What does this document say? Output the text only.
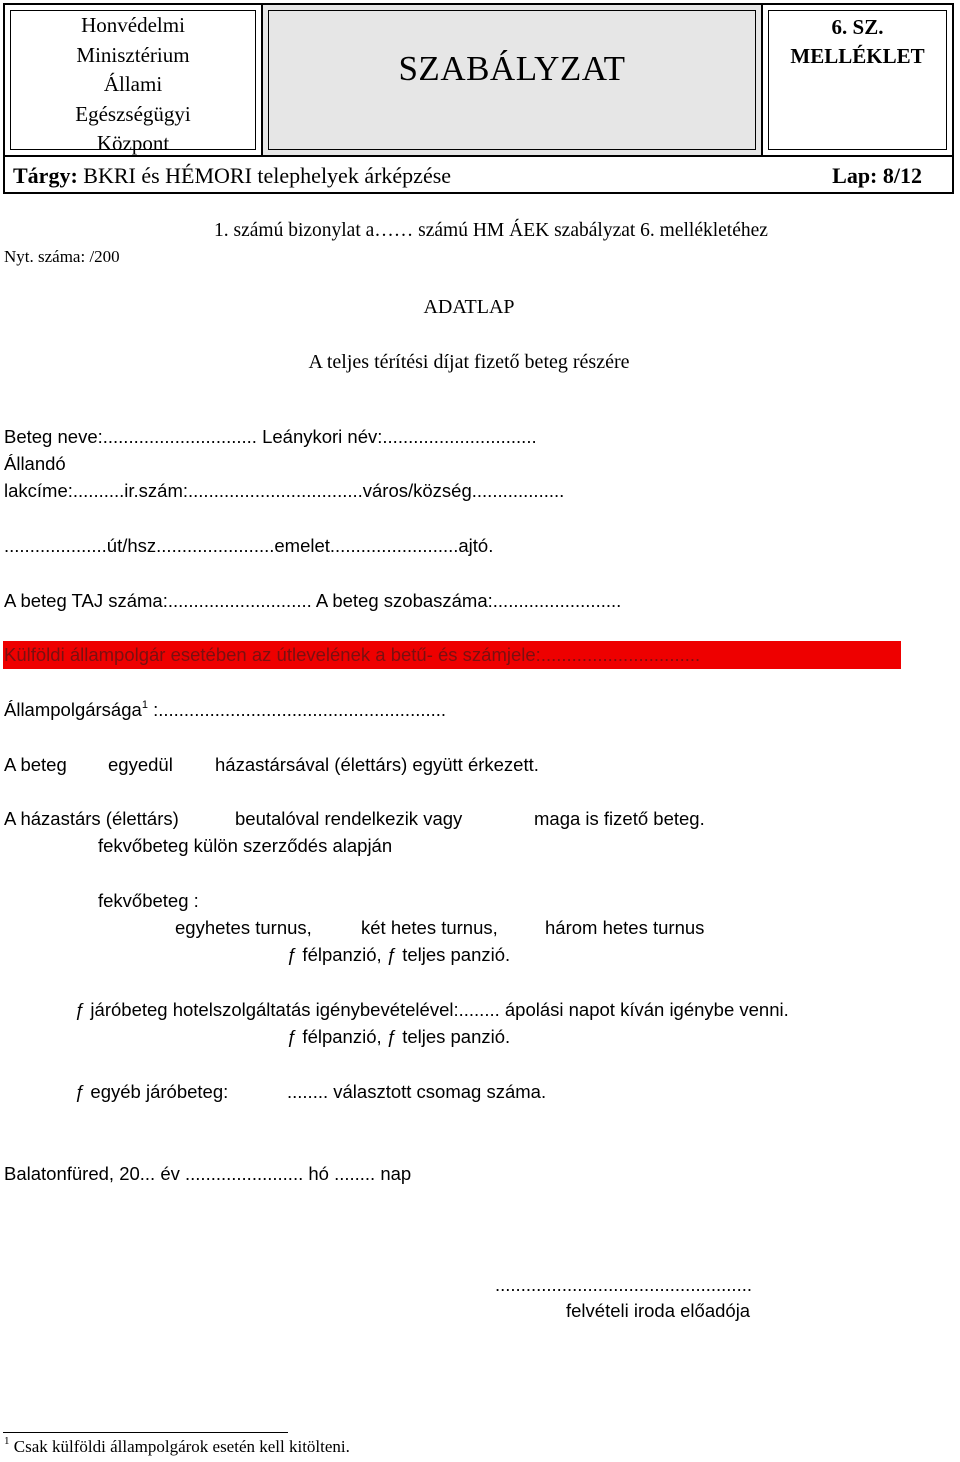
Honvédelmi
Minisztérium
Állami
Egészségügyi
Központ
SZABÁLYZAT
6. SZ.
MELLÉKLET
Tárgy: BKRI és HÉMORI telephelyek árképzése	Lap: 8/12
Nyt. száma: /200
1. számú bizonylat a…… számú HM ÁEK szabályzat 6. mellékletéhez
ADATLAP
A teljes térítési díjat fizető beteg részére
Beteg neve:.............................. Leánykori név:..............................
Állandó
lakcíme:..........ir.szám:..................................város/község..................
....................út/hsz.......................emelet.........................ajtó.
A beteg TAJ száma:............................ A beteg szobaszáma:.........................
Külföldi állampolgár esetében az útlevelének a betű- és számjele:...............................
Állampolgársága$^1$ :........................................................
A beteg egyedül házastársával (élettárs) együtt érkezett.
A házastárs (élettárs)	beutalóval rendelkezik vagy	maga is fizető beteg.
fekvőbeteg külön szerződés alapján
fekvőbeteg :
egyhetes turnus,	két hetes turnus,	három hetes turnus
ƒ félpanzió, ƒ teljes panzió.
ƒ járóbeteg hotelszolgáltatás igénybevételével:........ ápolási napot kíván igénybe venni.
ƒ félpanzió, ƒ teljes panzió.
ƒ egyéb járóbeteg:	........ választott csomag száma.
Balatonfüred, 20... év ....................... hó ........ nap
..................................................
felvételi iroda előadója
$^1$ Csak külföldi állampolgárok esetén kell kitölteni.
